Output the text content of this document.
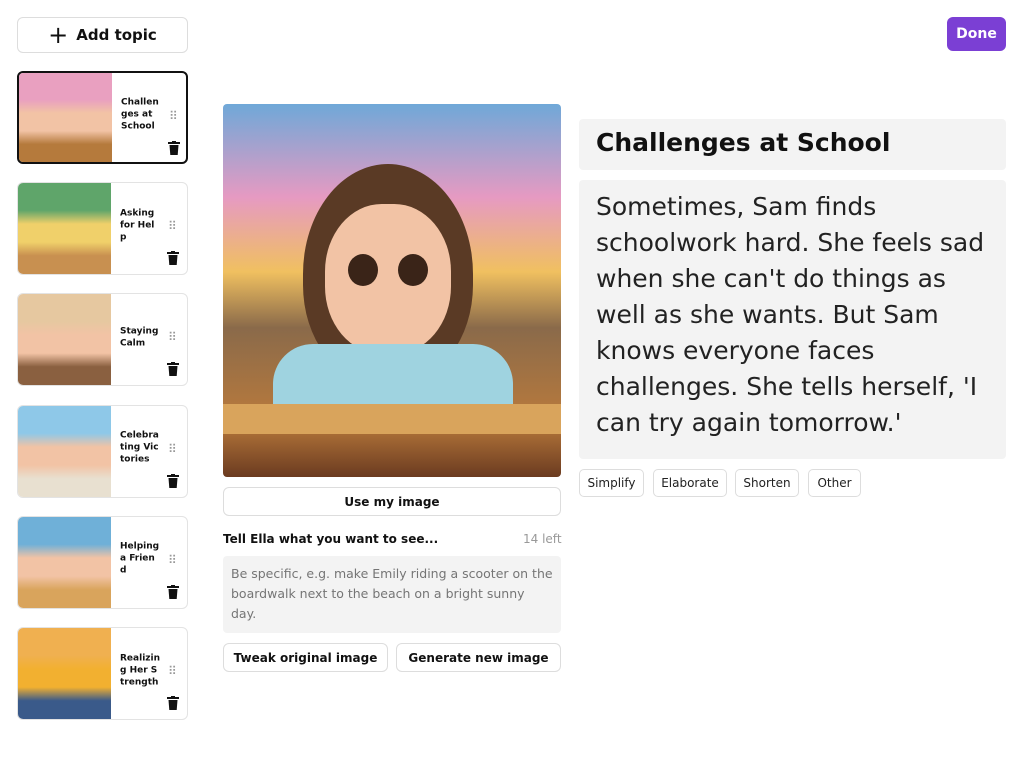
+ Add topic	Done
Challenges at School
⠿
Asking for Help
⠿
Staying Calm	⠿
Celebrating Victories
⠿
Helping a Friend
⠿
Realizing Her Strength
⠿
Use my image
Tell Ella what you want to see...	14 left
Be specific, e.g. make Emily riding a scooter on the boardwalk next to the beach on a bright sunny day.
Tweak original image	Generate new image
Challenges at School
Sometimes, Sam finds schoolwork hard. She feels sad when she can't do things as well as she wants. But Sam knows everyone faces challenges. She tells herself, 'I can try again tomorrow.'
Simplify	Elaborate	Shorten	Other
